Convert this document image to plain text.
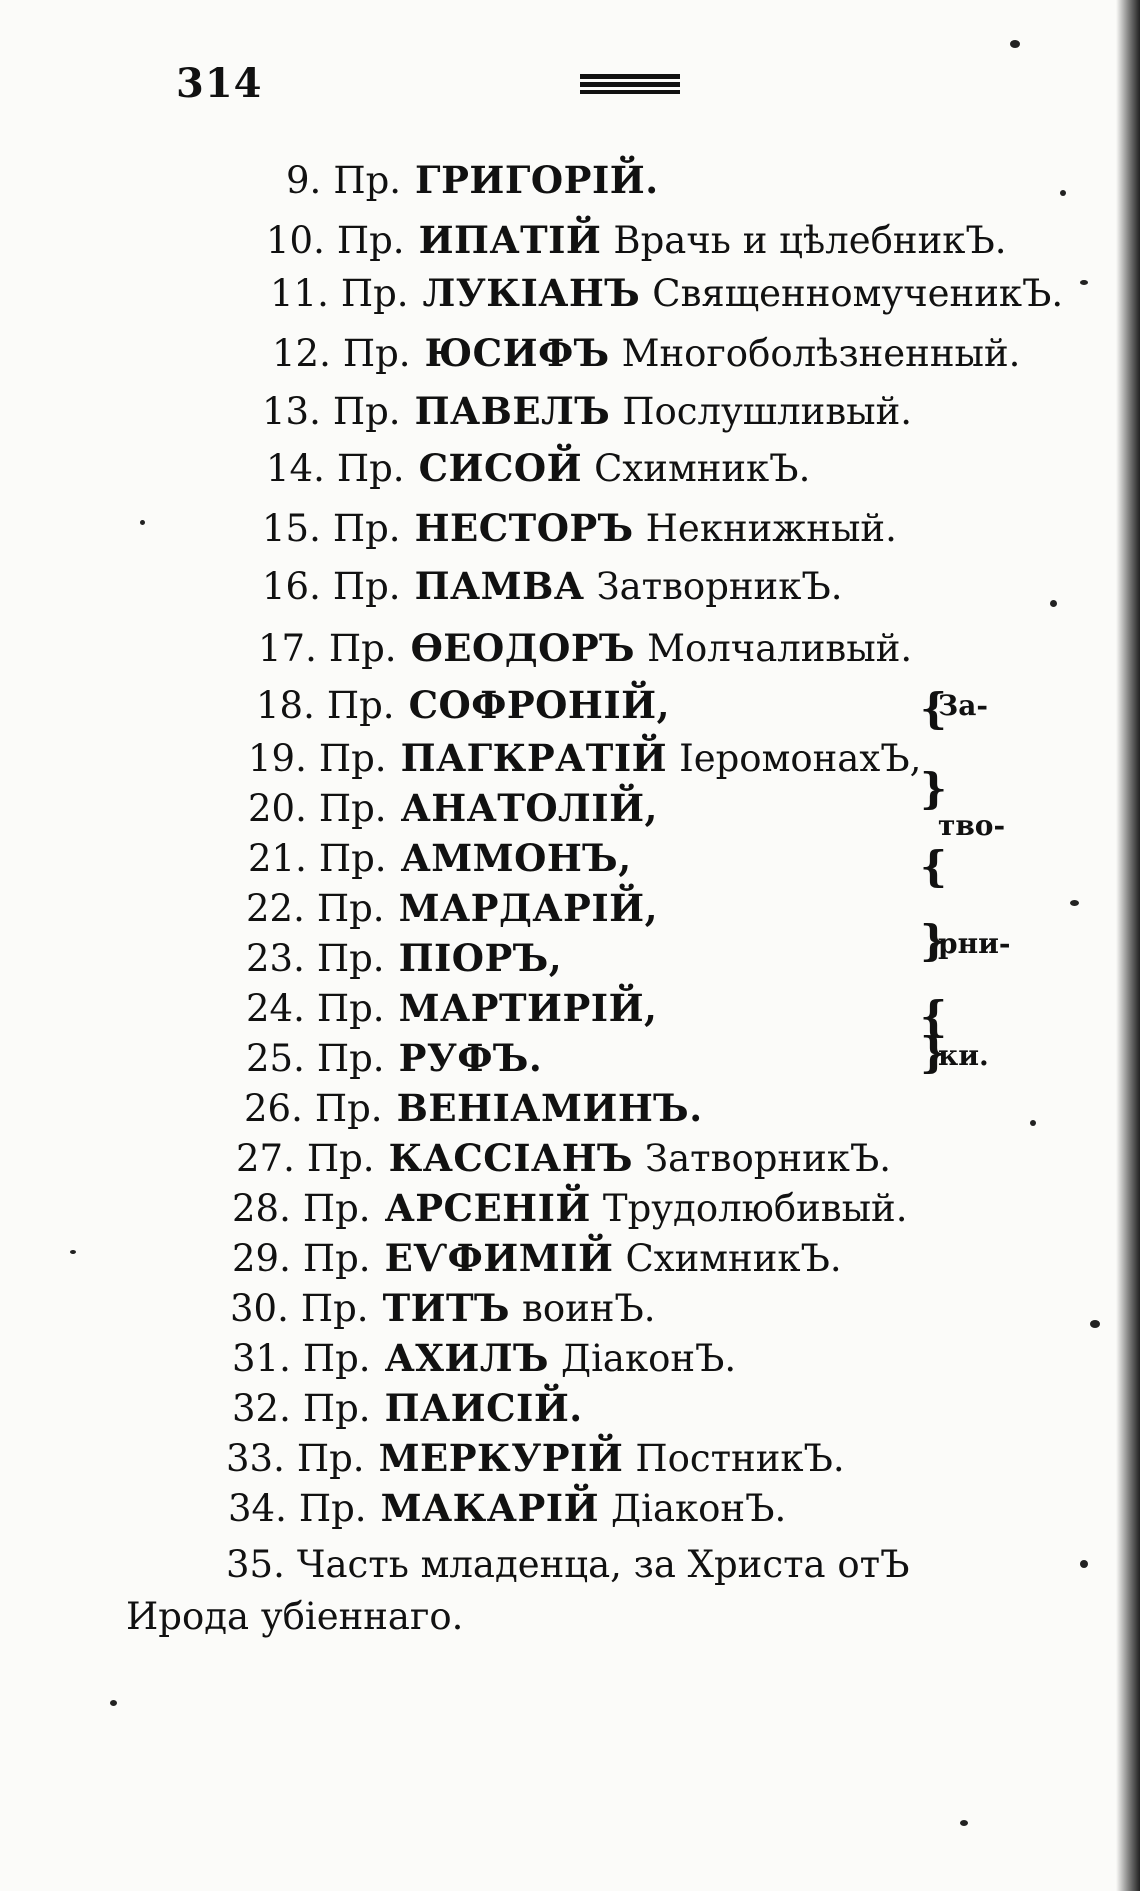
314
9. Пр. ГРИГОРІЙ.
10. Пр. ИПАТІЙ Врачь и цѣлебникЪ.
11. Пр. ЛУКІАНЪ СвященномученикЪ.
12. Пр. ЮСИФЪ Многоболѣзненный.
13. Пр. ПАВЕЛЪ Послушливый.
14. Пр. СИСОЙ СхимникЪ.
15. Пр. НЕСТОРЪ Некнижный.
16. Пр. ПАМВА ЗатворникЪ.
17. Пр. ѲЕОДОРЪ Молчаливый.
18. Пр. СОФРОНІЙ,
19. Пр. ПАГКРАТІЙ ІеромонахЪ,
20. Пр. АНАТОЛІЙ,
21. Пр. АММОНЪ,
22. Пр. МАРДАРІЙ,
23. Пр. ПІОРЪ,
24. Пр. МАРТИРІЙ,
25. Пр. РУФЪ.
26. Пр. ВЕНІАМИНЪ.
27. Пр. КАССІАНЪ ЗатворникЪ.
28. Пр. АРСЕНІЙ Трудолюбивый.
29. Пр. ЕѴФИМІЙ СхимникЪ.
30. Пр. ТИТЪ воинЪ.
31. Пр. АХИЛЪ ДіаконЪ.
32. Пр. ПАИСІЙ.
33. Пр. МЕРКУРІЙ ПостникЪ.
34. Пр. МАКАРІЙ ДіаконЪ.
35. Часть младенца, за Христа отЪ
Ирода убіеннаго.
{
}
{
}
{
}
За-
тво-
рни-
ки.
